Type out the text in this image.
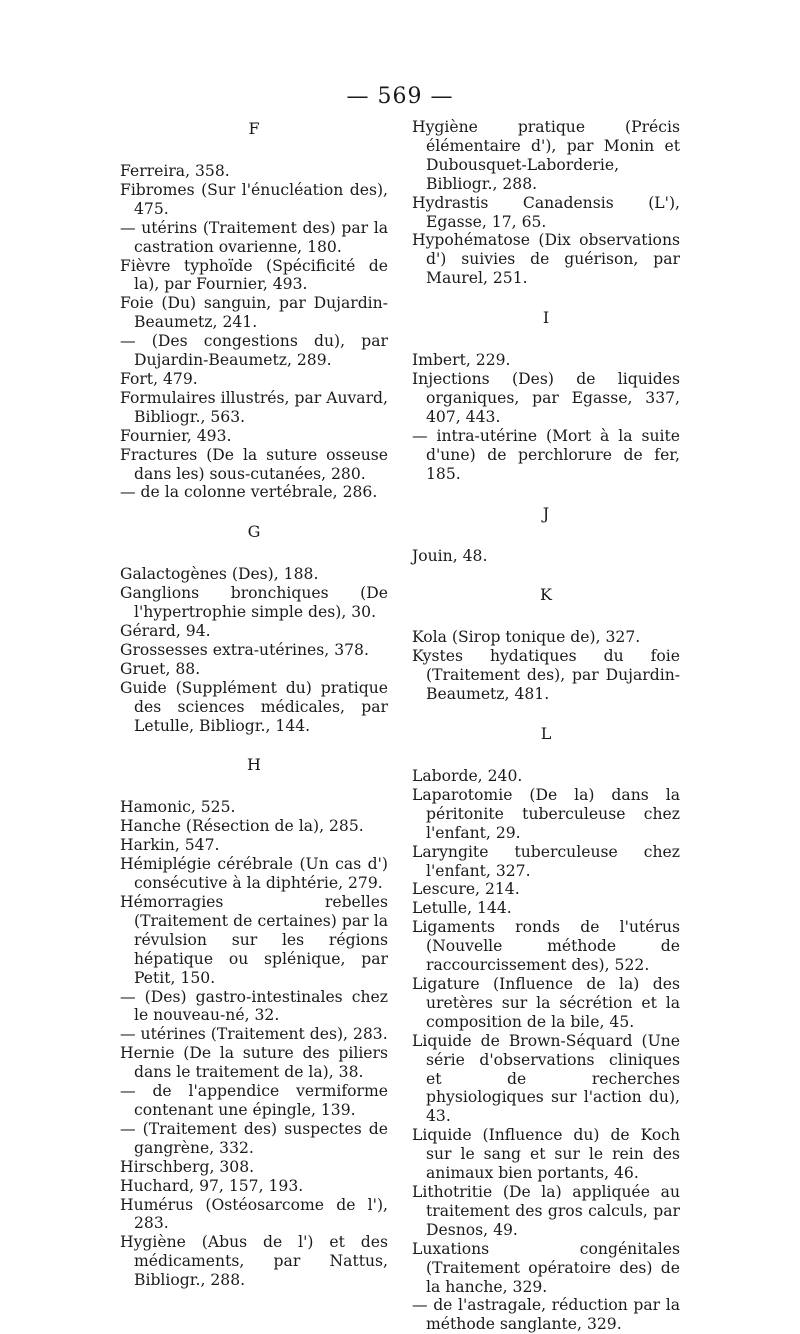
— 569 —
F

Ferreira, 358.

Fibromes (Sur l'énucléation des), 475.

— utérins (Traitement des) par la castration ovarienne, 180.

Fièvre typhoïde (Spécificité de la), par Fournier, 493.

Foie (Du) sanguin, par Dujardin-Beaumetz, 241.

— (Des congestions du), par Dujardin-Beaumetz, 289.

Fort, 479.

Formulaires illustrés, par Auvard, Bibliogr., 563.

Fournier, 493.

Fractures (De la suture osseuse dans les) sous-cutanées, 280.

— de la colonne vertébrale, 286.

G

Galactogènes (Des), 188.

Ganglions bronchiques (De l'hypertrophie simple des), 30.

Gérard, 94.

Grossesses extra-utérines, 378.

Gruet, 88.

Guide (Supplément du) pratique des sciences médicales, par Letulle, Bibliogr., 144.

H

Hamonic, 525.

Hanche (Résection de la), 285.

Harkin, 547.

Hémiplégie cérébrale (Un cas d') consécutive à la diphtérie, 279.

Hémorragies rebelles (Traitement de certaines) par la révulsion sur les régions hépatique ou splénique, par Petit, 150.

— (Des) gastro-intestinales chez le nouveau-né, 32.

— utérines (Traitement des), 283.

Hernie (De la suture des piliers dans le traitement de la), 38.

— de l'appendice vermiforme contenant une épingle, 139.

— (Traitement des) suspectes de gangrène, 332.

Hirschberg, 308.

Huchard, 97, 157, 193.

Humérus (Ostéosarcome de l'), 283.

Hygiène (Abus de l') et des médicaments, par Nattus, Bibliogr., 288.

Hygiène pratique (Précis élémentaire d'), par Monin et Dubousquet-Laborderie, Bibliogr., 288.

Hydrastis Canadensis (L'), Egasse, 17, 65.

Hypohématose (Dix observations d') suivies de guérison, par Maurel, 251.

I

Imbert, 229.

Injections (Des) de liquides organiques, par Egasse, 337, 407, 443.

— intra-utérine (Mort à la suite d'une) de perchlorure de fer, 185.

J

Jouin, 48.

K

Kola (Sirop tonique de), 327.

Kystes hydatiques du foie (Traitement des), par Dujardin-Beaumetz, 481.

L

Laborde, 240.

Laparotomie (De la) dans la péritonite tuberculeuse chez l'enfant, 29.

Laryngite tuberculeuse chez l'enfant, 327.

Lescure, 214.

Letulle, 144.

Ligaments ronds de l'utérus (Nouvelle méthode de raccourcissement des), 522.

Ligature (Influence de la) des uretères sur la sécrétion et la composition de la bile, 45.

Liquide de Brown-Séquard (Une série d'observations cliniques et de recherches physiologiques sur l'action du), 43.

Liquide (Influence du) de Koch sur le sang et sur le rein des animaux bien portants, 46.

Lithotritie (De la) appliquée au traitement des gros calculs, par Desnos, 49.

Luxations congénitales (Traitement opératoire des) de la hanche, 329.

— de l'astragale, réduction par la méthode sanglante, 329.
